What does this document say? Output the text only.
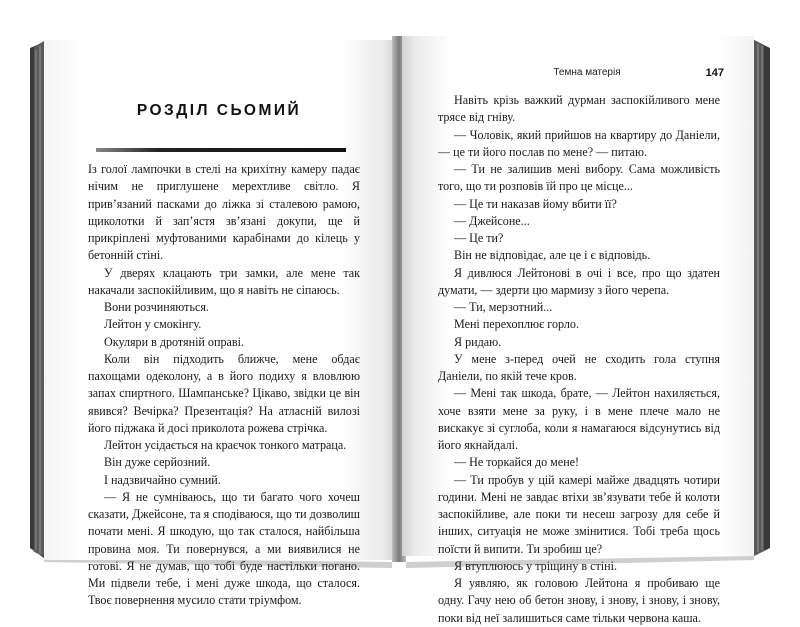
РОЗДІЛ СЬОМИЙ

Із голої лампочки в стелі на крихітну камеру падає нічим не приглушене мерехтливе світло. Я прив’язаний пасками до ліжка зі сталевою рамою, щиколотки й зап’ястя зв’язані докупи, ще й прикріплені муфтованими карабінами до кілець у бетонній стіні.

У дверях клацають три замки, але мене так накачали заспокійливим, що я навіть не сіпаюсь.

Вони розчиняються.

Лейтон у смокінгу.

Окуляри в дротяній оправі.

Коли він підходить ближче, мене обдає пахощами одеколону, а в його подиху я вловлюю запах спиртного. Шампанське? Цікаво, звідки це він явився? Вечірка? Презентація? На атласній вилозі його піджака й досі приколота рожева стрічка.

Лейтон усідається на краєчок тонкого матраца.

Він дуже серйозний.

І надзвичайно сумний.

— Я не сумніваюсь, що ти багато чого хочеш сказати, Джейсоне, та я сподіваюся, що ти дозволиш почати мені. Я шкодую, що так сталося, найбільша провина моя. Ти повернувся, а ми виявилися не готові. Я не думав, що тобі буде настільки погано. Ми підвели тебе, і мені дуже шкода, що сталося. Твоє повернення мусило стати тріумфом.

Темна матерія	147

Навіть крізь важкий дурман заспокійливого мене трясе від гніву.

— Чоловік, який прийшов на квартиру до Даніели, — це ти його послав по мене? — питаю.

— Ти не залишив мені вибору. Сама можливість того, що ти розповів їй про це місце...

— Це ти наказав йому вбити її?

— Джейсоне...

— Це ти?

Він не відповідає, але це і є відповідь.

Я дивлюся Лейтонові в очі і все, про що здатен думати, — здерти цю мармизу з його черепа.

— Ти, мерзотний...

Мені перехоплює горло.

Я ридаю.

У мене з-перед очей не сходить гола ступня Даніели, по якій тече кров.

— Мені так шкода, брате, — Лейтон нахиляється, хоче взяти мене за руку, і в мене плече мало не вискакує зі суглоба, коли я намагаюся відсунутись від його якнайдалі.

— Не торкайся до мене!

— Ти пробув у цій камері майже двадцять чотири години. Мені не завдає втіхи зв’язувати тебе й колоти заспокійливе, але поки ти несеш загрозу для себе й інших, ситуація не може змінитися. Тобі треба щось поїсти й випити. Ти зробиш це?

Я втуплююсь у тріщину в стіні.

Я уявляю, як головою Лейтона я пробиваю ще одну. Гачу нею об бетон знову, і знову, і знову, і знову, поки від неї залишиться саме тільки червона каша.
